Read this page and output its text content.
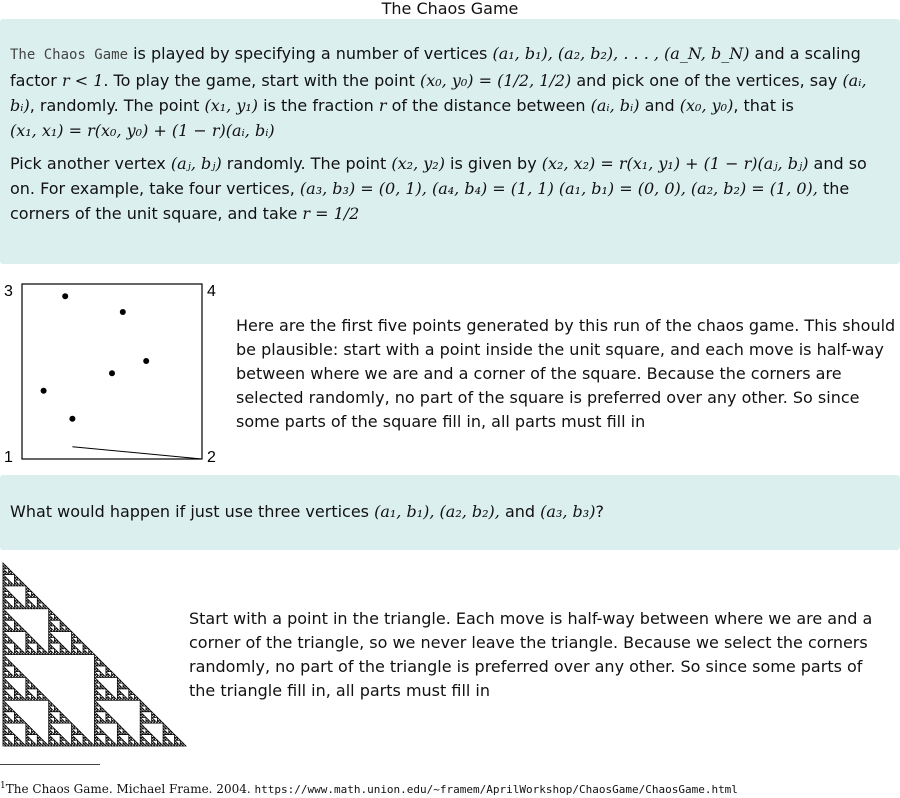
The Chaos Game

The Chaos Game is played by specifying a number of vertices (a₁, b₁), (a₂, b₂), . . . , (a_N, b_N) and a scaling factor r < 1. To play the game, start with the point (x₀, y₀) = (1/2, 1/2) and pick one of the vertices, say (aᵢ, bᵢ), randomly. The point (x₁, y₁) is the fraction r of the distance between (aᵢ, bᵢ) and (x₀, y₀), that is
(x₁, x₁) = r(x₀, y₀) + (1 − r)(aᵢ, bᵢ)

Pick another vertex (aⱼ, bⱼ) randomly. The point (x₂, y₂) is given by (x₂, x₂) = r(x₁, y₁) + (1 − r)(aⱼ, bⱼ) and so on. For example, take four vertices, (a₃, b₃) = (0, 1), (a₄, b₄) = (1, 1) (a₁, b₁) = (0, 0), (a₂, b₂) = (1, 0), the corners of the unit square, and take r = 1/2

1	2
3	4
Here are the first five points generated by this run of the chaos game. This should be plausible: start with a point inside the unit square, and each move is half-way between where we are and a corner of the square. Because the corners are selected randomly, no part of the square is preferred over any other. So since some parts of the square fill in, all parts must fill in

What would happen if just use three vertices (a₁, b₁), (a₂, b₂), and (a₃, b₃)?

Start with a point in the triangle. Each move is half-way between where we are and a corner of the triangle, so we never leave the triangle. Because we select the corners randomly, no part of the triangle is preferred over any other. So since some parts of the triangle fill in, all parts must fill in
$^1$The Chaos Game. Michael Frame. 2004. https://www.math.union.edu/~framem/AprilWorkshop/ChaosGame/ChaosGame.html
